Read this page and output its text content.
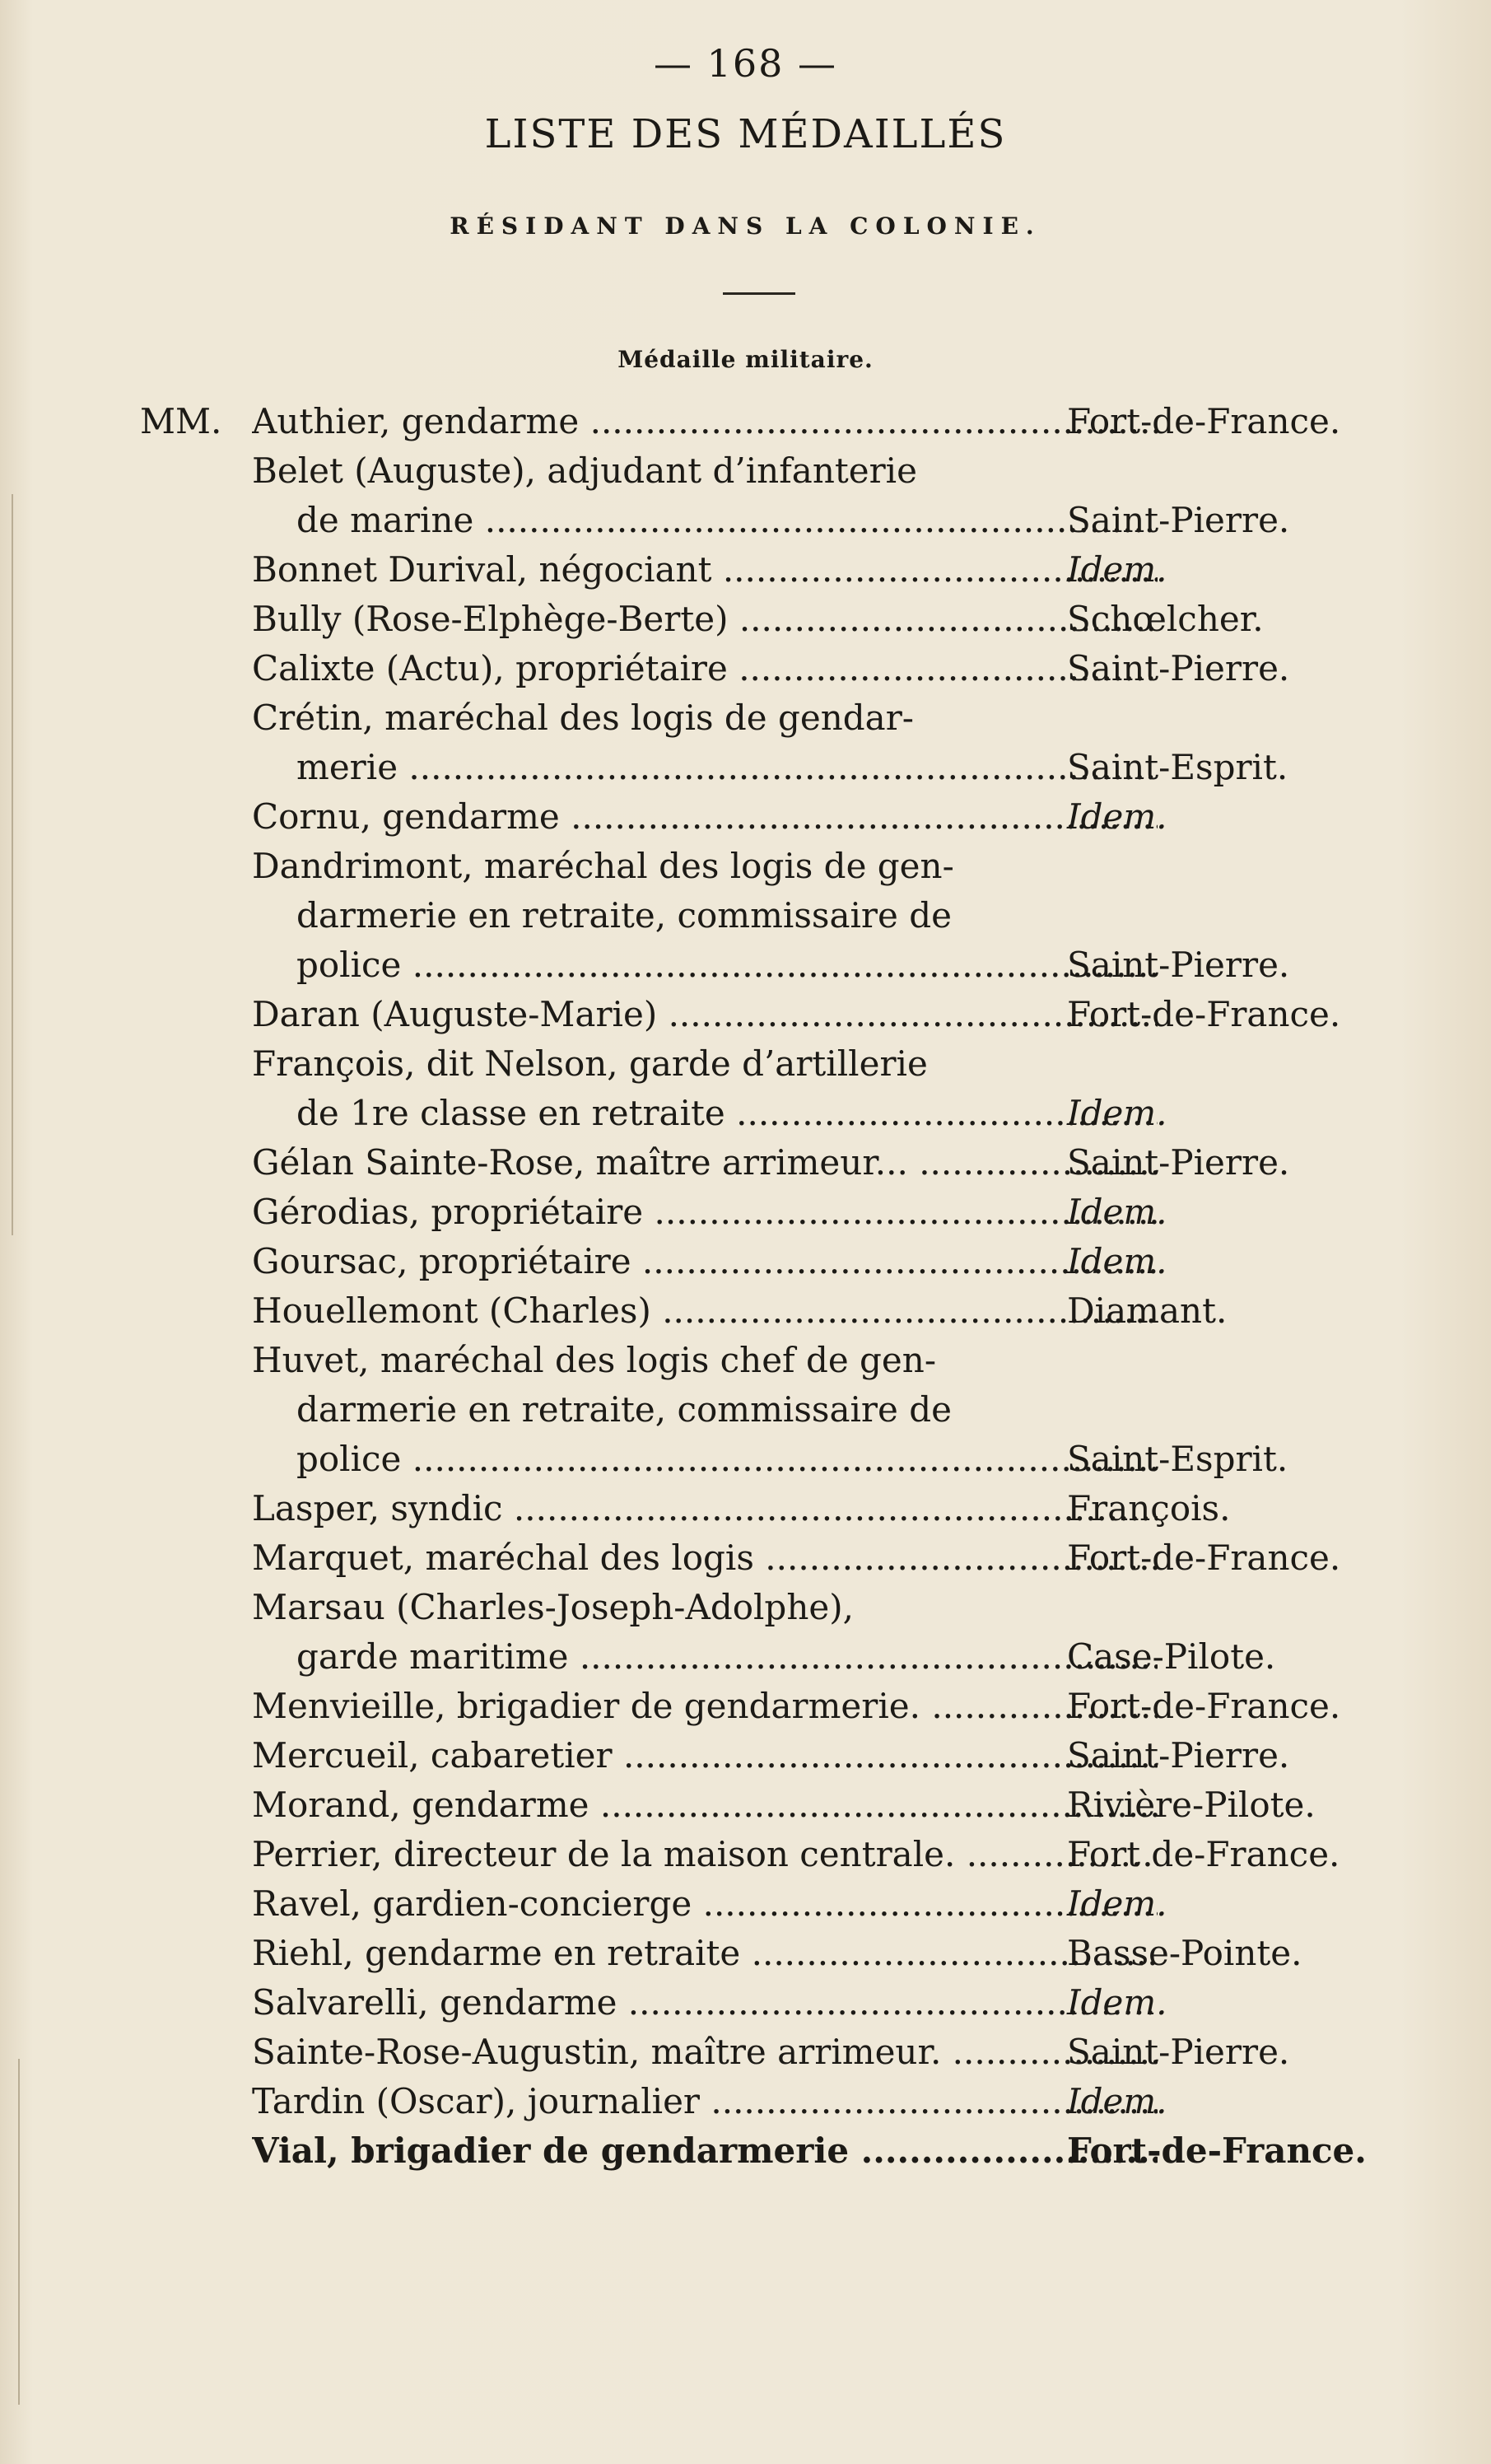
— 168 —
LISTE DES MÉDAILLÉS
RÉSIDANT DANS LA COLONIE.
Médaille militaire.
MM. Authier, gendarme .....	Fort-de-France.
Belet (Auguste), adjudant d’infanterie
de marine .....	Saint-Pierre.
Bonnet Durival, négociant .....	Idem.
Bully (Rose-Elphège-Berte) .....	Schœlcher.
Calixte (Actu), propriétaire .....	Saint-Pierre.
Crétin, maréchal des logis de gendar-
merie .....	Saint-Esprit.
Cornu, gendarme .....	Idem.
Dandrimont, maréchal des logis de gen-
darmerie en retraite, commissaire de
police .....	Saint-Pierre.
Daran (Auguste-Marie) .....	Fort-de-France.
François, dit Nelson, garde d’artillerie
de 1re classe en retraite .....	Idem.
Gélan Sainte-Rose, maître arrimeur... .....	Saint-Pierre.
Gérodias, propriétaire .....	Idem.
Goursac, propriétaire .....	Idem.
Houellemont (Charles) .....	Diamant.
Huvet, maréchal des logis chef de gen-
darmerie en retraite, commissaire de
police .....	Saint-Esprit.
Lasper, syndic .....	François.
Marquet, maréchal des logis .....	Fort-de-France.
Marsau (Charles-Joseph-Adolphe),
garde maritime .....	Case-Pilote.
Menvieille, brigadier de gendarmerie. .....	Fort-de-France.
Mercueil, cabaretier .....	Saint-Pierre.
Morand, gendarme .....	Rivière-Pilote.
Perrier, directeur de la maison centrale. .....	Fort de-France.
Ravel, gardien-concierge .....	Idem.
Riehl, gendarme en retraite .....	Basse-Pointe.
Salvarelli, gendarme .....	Idem.
Sainte-Rose-Augustin, maître arrimeur. .....	Saint-Pierre.
Tardin (Oscar), journalier .....	Idem.
Vial, brigadier de gendarmerie .....	Fort-de-France.
